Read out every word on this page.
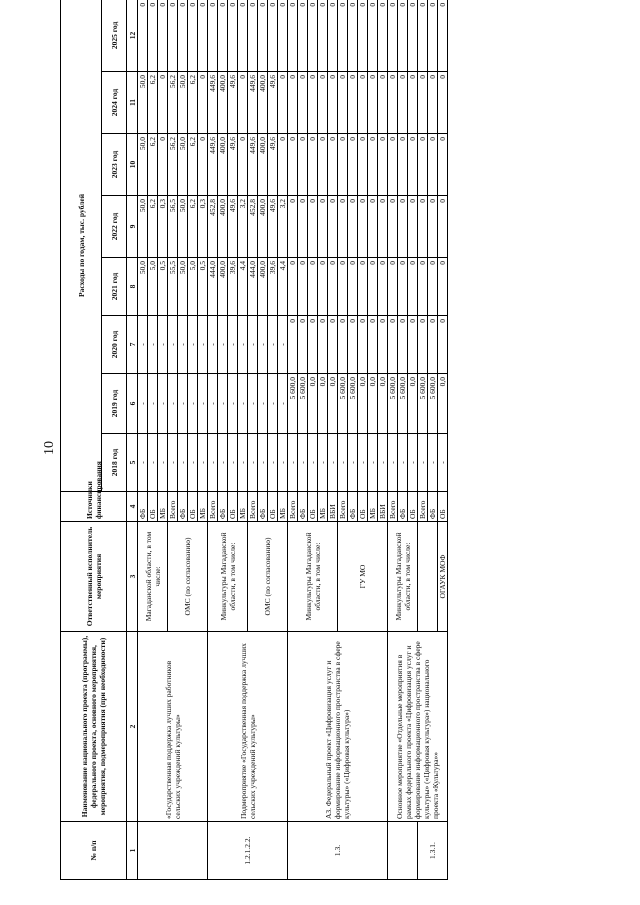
10
№ п/п	Наименование национального проекта (программы), федерального проекта, основного мероприятия, мероприятия, подмероприятия (при необходимости)	Ответственный исполнитель мероприятия	Источники финансирования	Расходы по годам, тыс. рублей							
				2018 год	2019 год	2020 год	2021 год	2022 год	2023 год	2024 год	2025 год
1	2	3	4	5	6	7	8	9	10	11	12
	«Государственная поддержка лучших работников сельских учреждений культуры»	Магаданской области, в том числе:	ФБ	-	-	-	50,0	50,0	50,0	50,0	0
			ОБ	-	-	-	5,0	6,2	6,2	6,2	0
			МБ	-	-	-	0,5	0,3	0	0	0
		ОМС (по согласованию)	Всего	-	-	-	55,5	56,5	56,2	56,2	0
			ФБ	-	-	-	50,0	50,0	50,0	50,0	0
			ОБ	-	-	-	5,0	6,2	6,2	6,2	0
			МБ	-	-	-	0,5	0,3	0	0	0
1.2.1.2.2.	Подмероприятие «Государственная поддержка лучших сельских учреждений культуры»	Минкультуры Магаданской области, в том числе:	Всего	-	-	-	444,0	452,8	449,6	449,6	0
			ФБ	-	-	-	400,0	400,0	400,0	400,0	0
			ОБ	-	-	-	39,6	49,6	49,6	49,6	0
			МБ	-	-	-	4,4	3,2	0	0	0
		ОМС (по согласованию)	Всего	-	-	-	444,0	452,8	449,6	449,6	0
			ФБ	-	-	-	400,0	400,0	400,0	400,0	0
			ОБ	-	-	-	39,6	49,6	49,6	49,6	0
			МБ	-	-	-	4,4	3,2	0	0	0
1.3.	А3. Федеральный проект «Цифровизация услуг и формирование информационного пространства в сфере культуры» («Цифровая культура»)	Минкультуры Магаданской области, в том числе:	Всего	-	5 600,0	0	0	0	0	0	0
			ФБ	-	5 600,0	0	0	0	0	0	0
			ОБ	-	0,0	0	0	0	0	0	0
			МБ	-	0,0	0	0	0	0	0	0
			ВБИ	-	0,0	0	0	0	0	0	0
		ГУ МО	Всего	-	5 600,0	0	0	0	0	0	0
			ФБ	-	5 600,0	0	0	0	0	0	0
			ОБ	-	0,0	0	0	0	0	0	0
			МБ	-	0,0	0	0	0	0	0	0
			ВБИ	-	0,0	0	0	0	0	0	0
	Основное мероприятие «Отдельные мероприятия в рамках федерального проекта «Цифровизация услуг и формирование информационного пространства в сфере культуры» («Цифровая культура») национального проекта «Культура»»	Минкультуры Магаданской области, в том числе:	Всего	-	5 600,0	0	0	0	0	0	0
			ФБ	-	5 600,0	0	0	0	0	0	0
			ОБ	-	0,0	0	0	0	0	0	0
1.3.1.			Всего	-	5 600,0	0	0	0	0	0	0
			ФБ	-	5 600,0	0	0	0	0	0	0
		ОГАУК МОФ	ОБ	-	0,0	0	0	0	0	0	0
